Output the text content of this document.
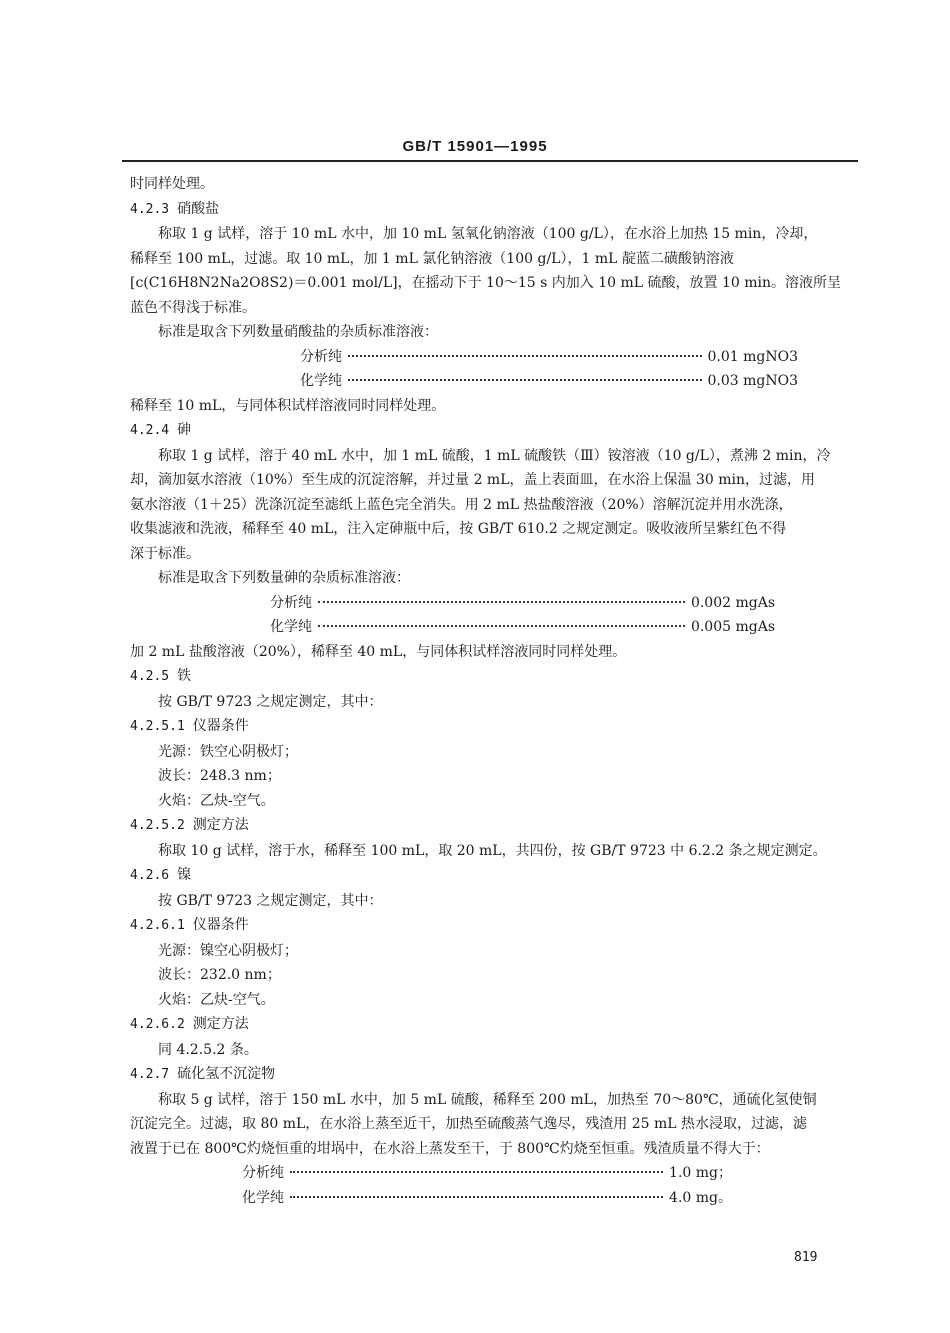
GB/T 15901—1995

时同样处理。

4.2.3 硝酸盐

称取 1 g 试样，溶于 10 mL 水中，加 10 mL 氢氧化钠溶液（100 g/L），在水浴上加热 15 min，冷却，

稀释至 100 mL，过滤。取 10 mL，加 1 mL 氯化钠溶液（100 g/L），1 mL 靛蓝二磺酸钠溶液

[c(C16H8N2Na2O8S2)＝0.001 mol/L]，在摇动下于 10～15 s 内加入 10 mL 硫酸，放置 10 min。溶液所呈

蓝色不得浅于标准。

标准是取含下列数量硝酸盐的杂质标准溶液：

分析纯	0.01 mgNO3
化学纯	0.03 mgNO3

稀释至 10 mL，与同体积试样溶液同时同样处理。

4.2.4 砷

称取 1 g 试样，溶于 40 mL 水中，加 1 mL 硫酸，1 mL 硫酸铁（Ⅲ）铵溶液（10 g/L），煮沸 2 min，冷

却，滴加氨水溶液（10%）至生成的沉淀溶解，并过量 2 mL，盖上表面皿，在水浴上保温 30 min，过滤，用

氨水溶液（1＋25）洗涤沉淀至滤纸上蓝色完全消失。用 2 mL 热盐酸溶液（20%）溶解沉淀并用水洗涤，

收集滤液和洗液，稀释至 40 mL，注入定砷瓶中后，按 GB/T 610.2 之规定测定。吸收液所呈紫红色不得

深于标准。

标准是取含下列数量砷的杂质标准溶液：

分析纯	0.002 mgAs
化学纯	0.005 mgAs

加 2 mL 盐酸溶液（20%），稀释至 40 mL，与同体积试样溶液同时同样处理。

4.2.5 铁

按 GB/T 9723 之规定测定，其中：

4.2.5.1 仪器条件

光源：铁空心阴极灯；

波长：248.3 nm；

火焰：乙炔-空气。

4.2.5.2 测定方法

称取 10 g 试样，溶于水，稀释至 100 mL，取 20 mL，共四份，按 GB/T 9723 中 6.2.2 条之规定测定。

4.2.6 镍

按 GB/T 9723 之规定测定，其中：

4.2.6.1 仪器条件

光源：镍空心阴极灯；

波长：232.0 nm；

火焰：乙炔-空气。

4.2.6.2 测定方法

同 4.2.5.2 条。

4.2.7 硫化氢不沉淀物

称取 5 g 试样，溶于 150 mL 水中，加 5 mL 硫酸，稀释至 200 mL，加热至 70～80℃，通硫化氢使铜

沉淀完全。过滤，取 80 mL，在水浴上蒸至近干，加热至硫酸蒸气逸尽，残渣用 25 mL 热水浸取，过滤，滤

液置于已在 800℃灼烧恒重的坩埚中，在水浴上蒸发至干，于 800℃灼烧至恒重。残渣质量不得大于：

分析纯	1.0 mg；
化学纯	4.0 mg。
819
